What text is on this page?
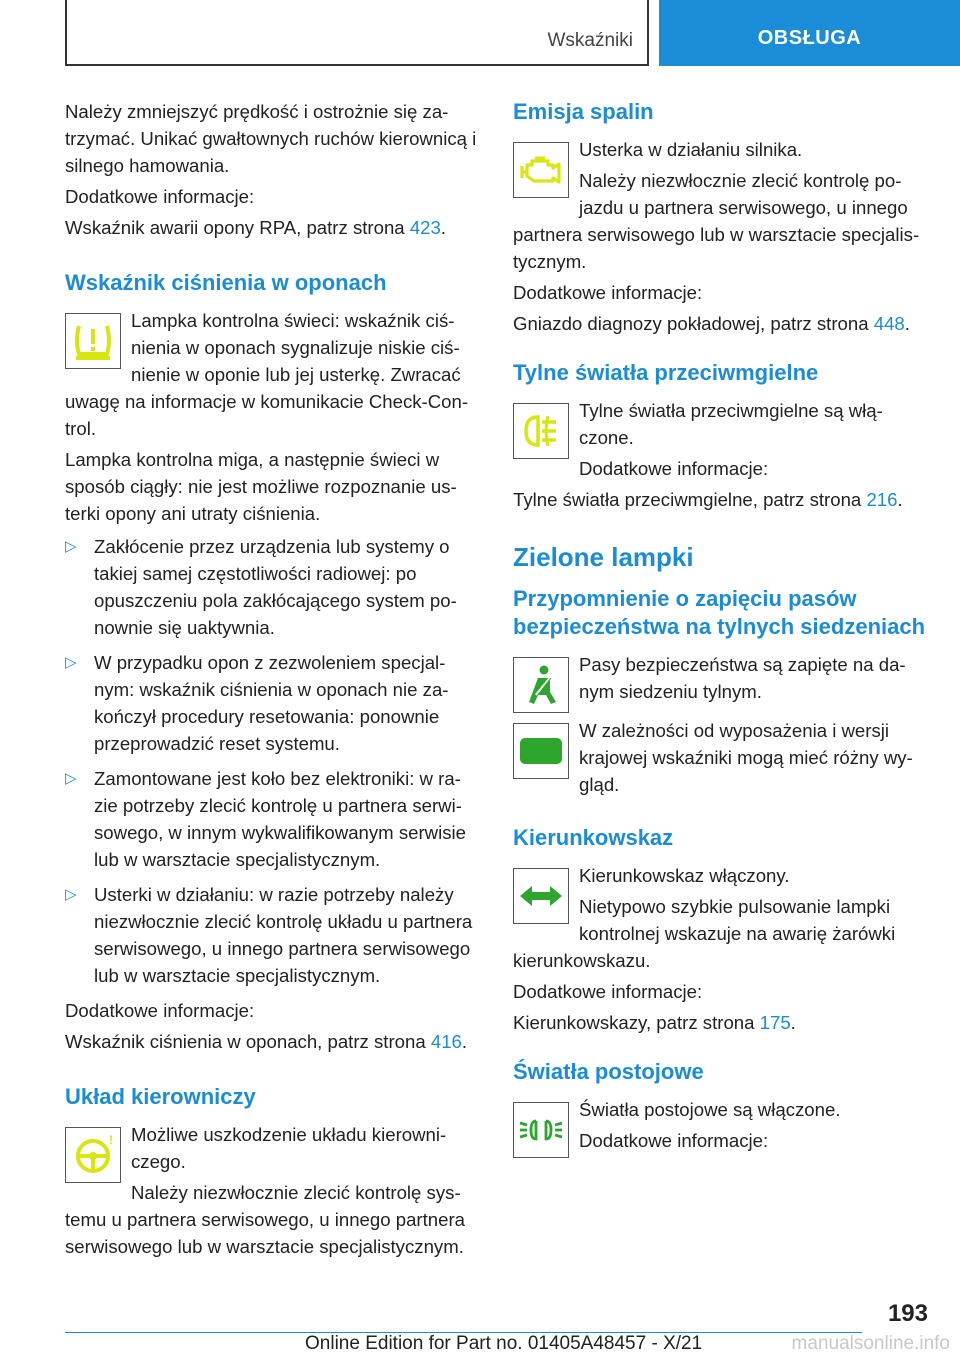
Wskaźniki	OBSŁUGA

Należy zmniejszyć prędkość i ostrożnie się za-trzymać. Unikać gwałtownych ruchów kierownicą i silnego hamowania.

Dodatkowe informacje:

Wskaźnik awarii opony RPA, patrz strona 423.

Wskaźnik ciśnienia w oponach

Lampka kontrolna świeci: wskaźnik ciś-nienia w oponach sygnalizuje niskie ciś-nienie w oponie lub jej usterkę. Zwracać uwagę na informacje w komunikacie Check-Con-trol.

Lampka kontrolna miga, a następnie świeci w sposób ciągły: nie jest możliwe rozpoznanie us-terki opony ani utraty ciśnienia.

▷ Zakłócenie przez urządzenia lub systemy o takiej samej częstotliwości radiowej: po opuszczeniu pola zakłócającego system po-nownie się uaktywnia.
▷ W przypadku opon z zezwoleniem specjal-nym: wskaźnik ciśnienia w oponach nie za-kończył procedury resetowania: ponownie przeprowadzić reset systemu.
▷ Zamontowane jest koło bez elektroniki: w ra-zie potrzeby zlecić kontrolę u partnera serwi-sowego, w innym wykwalifikowanym serwisie lub w warsztacie specjalistycznym.
▷ Usterki w działaniu: w razie potrzeby należy niezwłocznie zlecić kontrolę układu u partnera serwisowego, u innego partnera serwisowego lub w warsztacie specjalistycznym.

Dodatkowe informacje:

Wskaźnik ciśnienia w oponach, patrz strona 416.

Układ kierowniczy
! Możliwe uszkodzenie układu kierowni-czego.

Należy niezwłocznie zlecić kontrolę sys-temu u partnera serwisowego, u innego partnera serwisowego lub w warsztacie specjalistycznym.

Emisja spalin

Usterka w działaniu silnika.

Należy niezwłocznie zlecić kontrolę po-jazdu u partnera serwisowego, u innego partnera serwisowego lub w warsztacie specjalis-tycznym.

Dodatkowe informacje:

Gniazdo diagnozy pokładowej, patrz strona 448.

Tylne światła przeciwmgielne

Tylne światła przeciwmgielne są włą-czone.

Dodatkowe informacje:

Tylne światła przeciwmgielne, patrz strona 216.

Zielone lampki
Przypomnienie o zapięciu pasów bezpieczeństwa na tylnych siedzeniach

Pasy bezpieczeństwa są zapięte na da-nym siedzeniu tylnym.

W zależności od wyposażenia i wersji krajowej wskaźniki mogą mieć różny wy-gląd.

Kierunkowskaz

Kierunkowskaz włączony.

Nietypowo szybkie pulsowanie lampki kontrolnej wskazuje na awarię żarówki kierunkowskazu.

Dodatkowe informacje:

Kierunkowskazy, patrz strona 175.

Światła postojowe

Światła postojowe są włączone.

Dodatkowe informacje:

193
Online Edition for Part no. 01405A48457 - X/21	manualsonline.info
